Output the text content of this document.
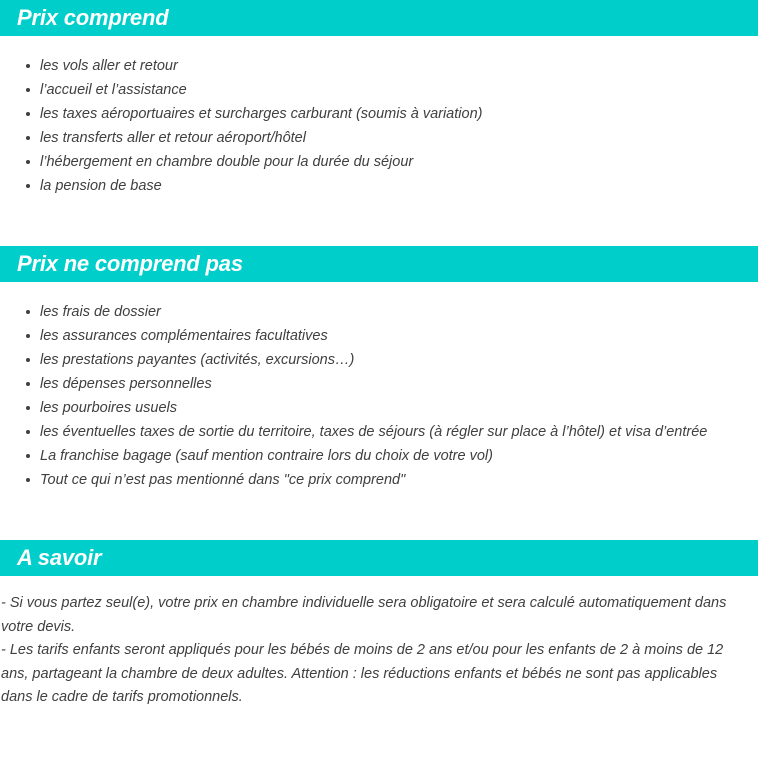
Prix comprend
les vols aller et retour
l’accueil et l’assistance
les taxes aéroportuaires et surcharges carburant (soumis à variation)
les transferts aller et retour aéroport/hôtel
l’hébergement en chambre double pour la durée du séjour
la pension de base
Prix ne comprend pas
les frais de dossier
les assurances complémentaires facultatives
les prestations payantes (activités, excursions…)
les dépenses personnelles
les pourboires usuels
les éventuelles taxes de sortie du territoire, taxes de séjours (à régler sur place à l’hôtel) et visa d’entrée
La franchise bagage (sauf mention contraire lors du choix de votre vol)
Tout ce qui n’est pas mentionné dans "ce prix comprend"
A savoir

- Si vous partez seul(e), votre prix en chambre individuelle sera obligatoire et sera calculé automatiquement dans votre devis.

- Les tarifs enfants seront appliqués pour les bébés de moins de 2 ans et/ou pour les enfants de 2 à moins de 12 ans, partageant la chambre de deux adultes. Attention : les réductions enfants et bébés ne sont pas applicables dans le cadre de tarifs promotionnels.
